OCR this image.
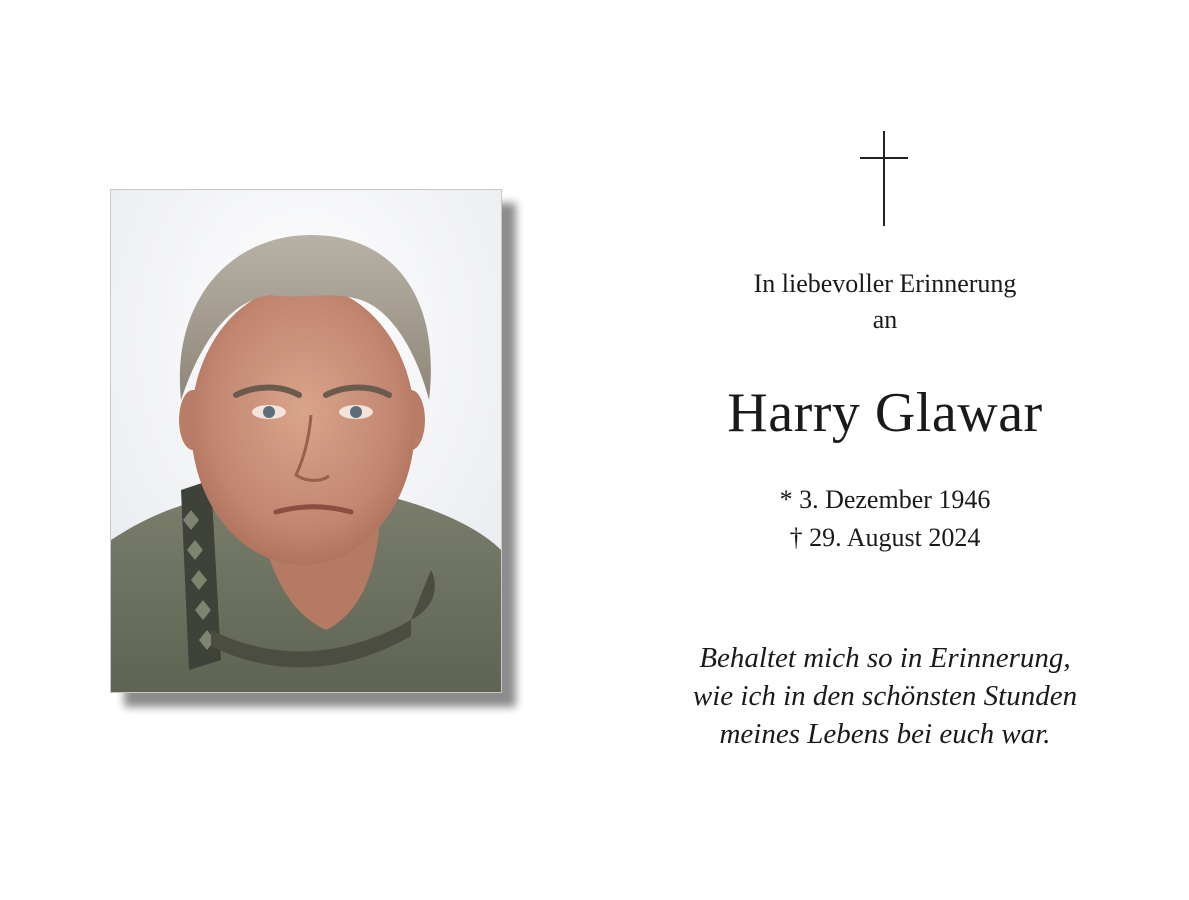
In liebevoller Erinnerung
an
Harry Glawar
* 3. Dezember 1946
† 29. August 2024
Behaltet mich so in Erinnerung,
wie ich in den schönsten Stunden
meines Lebens bei euch war.
